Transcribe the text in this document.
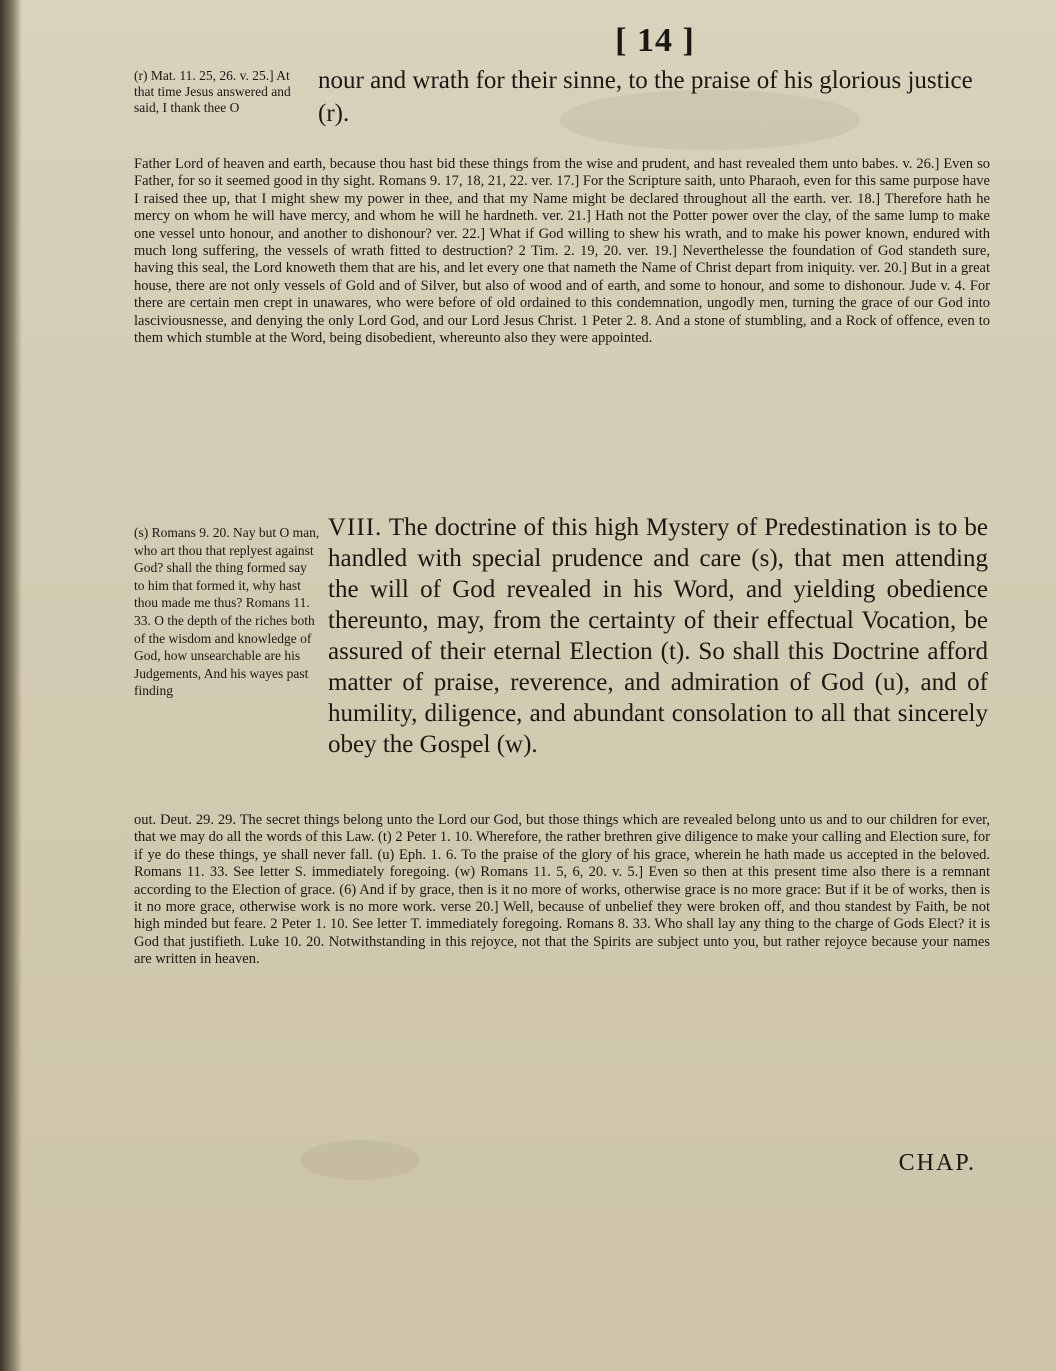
[ 14 ]
(r) Mat. 11. 25, 26. v. 25.] At that time Jesus answered and said, I thank thee O
nour and wrath for their sinne, to the praise of his glorious justice (r).

Father Lord of heaven and earth, because thou hast bid these things from the wise and prudent, and hast revealed them unto babes. v. 26.] Even so Father, for so it seemed good in thy sight. Romans 9. 17, 18, 21, 22. ver. 17.] For the Scripture saith, unto Pharaoh, even for this same purpose have I raised thee up, that I might shew my power in thee, and that my Name might be declared throughout all the earth. ver. 18.] Therefore hath he mercy on whom he will have mercy, and whom he will he hardneth. ver. 21.] Hath not the Potter power over the clay, of the same lump to make one vessel unto honour, and another to dishonour? ver. 22.] What if God willing to shew his wrath, and to make his power known, endured with much long suffering, the vessels of wrath fitted to destruction? 2 Tim. 2. 19, 20. ver. 19.] Neverthelesse the foundation of God standeth sure, having this seal, the Lord knoweth them that are his, and let every one that nameth the Name of Christ depart from iniquity. ver. 20.] But in a great house, there are not only vessels of Gold and of Silver, but also of wood and of earth, and some to honour, and some to dishonour. Jude v. 4. For there are certain men crept in unawares, who were before of old ordained to this condemnation, ungodly men, turning the grace of our God into lasciviousnesse, and denying the only Lord God, and our Lord Jesus Christ. 1 Peter 2. 8. And a stone of stumbling, and a Rock of offence, even to them which stumble at the Word, being disobedient, whereunto also they were appointed.

(s) Romans 9. 20. Nay but O man, who art thou that replyest against God? shall the thing formed say to him that formed it, why hast thou made me thus? Romans 11. 33. O the depth of the riches both of the wisdom and knowledge of God, how unsearchable are his Judgements, And his wayes past finding
VIII. The doctrine of this high Mystery of Predestination is to be handled with special prudence and care (s), that men attending the will of God revealed in his Word, and yielding obedience thereunto, may, from the certainty of their effectual Vocation, be assured of their eternal Election (t). So shall this Doctrine afford matter of praise, reverence, and admiration of God (u), and of humility, diligence, and abundant consolation to all that sincerely obey the Gospel (w).

out. Deut. 29. 29. The secret things belong unto the Lord our God, but those things which are revealed belong unto us and to our children for ever, that we may do all the words of this Law. (t) 2 Peter 1. 10. Wherefore, the rather brethren give diligence to make your calling and Election sure, for if ye do these things, ye shall never fall. (u) Eph. 1. 6. To the praise of the glory of his grace, wherein he hath made us accepted in the beloved. Romans 11. 33. See letter S. immediately foregoing. (w) Romans 11. 5, 6, 20. v. 5.] Even so then at this present time also there is a remnant according to the Election of grace. (6) And if by grace, then is it no more of works, otherwise grace is no more grace: But if it be of works, then is it no more grace, otherwise work is no more work. verse 20.] Well, because of unbelief they were broken off, and thou standest by Faith, be not high minded but feare. 2 Peter 1. 10. See letter T. immediately foregoing. Romans 8. 33. Who shall lay any thing to the charge of Gods Elect? it is God that justifieth. Luke 10. 20. Notwithstanding in this rejoyce, not that the Spirits are subject unto you, but rather rejoyce because your names are written in heaven.

CHAP.
